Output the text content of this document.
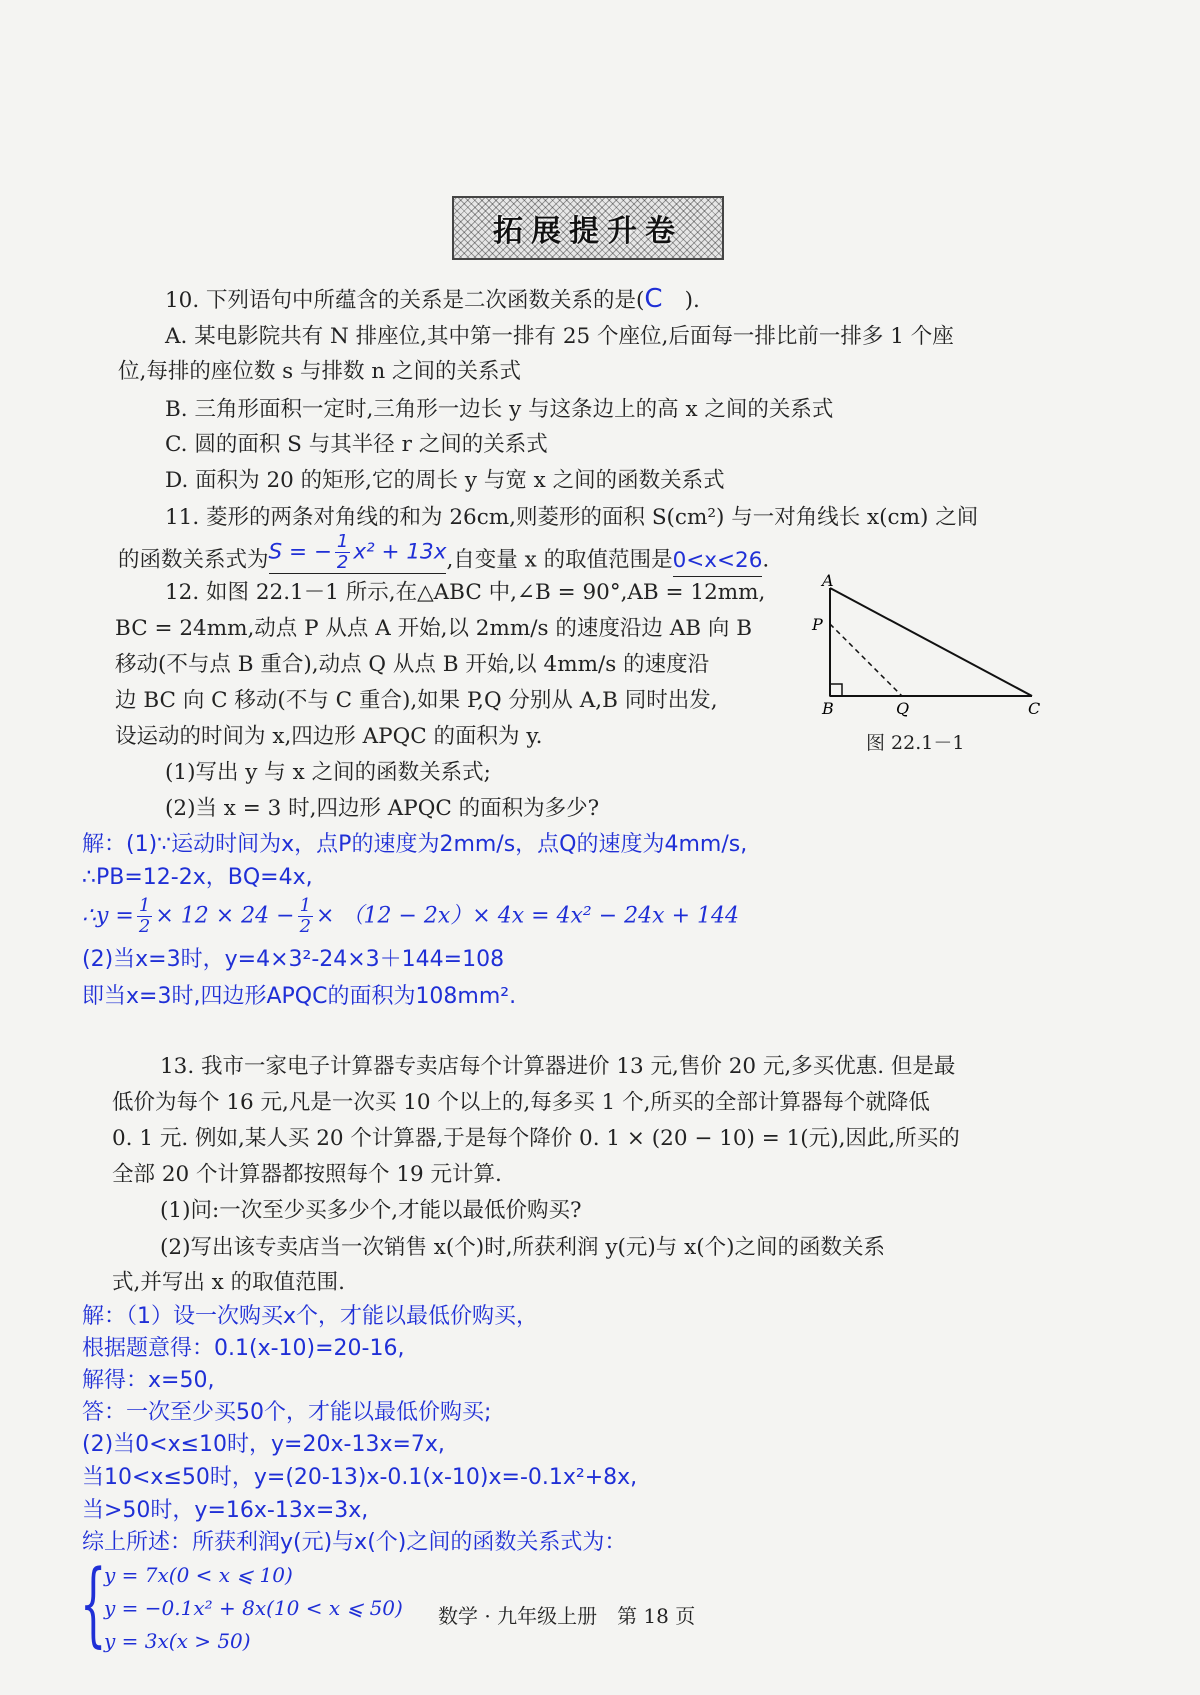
拓展提升卷
10. 下列语句中所蕴含的关系是二次函数关系的是(C ).
A. 某电影院共有 N 排座位,其中第一排有 25 个座位,后面每一排比前一排多 1 个座
位,每排的座位数 s 与排数 n 之间的关系式
B. 三角形面积一定时,三角形一边长 y 与这条边上的高 x 之间的关系式
C. 圆的面积 S 与其半径 r 之间的关系式
D. 面积为 20 的矩形,它的周长 y 与宽 x 之间的函数关系式
11. 菱形的两条对角线的和为 26cm,则菱形的面积 S(cm²) 与一对角线长 x(cm) 之间
的函数关系式为S = − $\frac{1}{2} x^2 + 13x$,自变量 x 的取值范围是0<x<26.
12. 如图 22.1－1 所示,在△ABC 中,∠B = 90°,AB = 12mm,
BC = 24mm,动点 P 从点 A 开始,以 2mm/s 的速度沿边 AB 向 B
移动(不与点 B 重合),动点 Q 从点 B 开始,以 4mm/s 的速度沿
边 BC 向 C 移动(不与 C 重合),如果 P,Q 分别从 A,B 同时出发,
设运动的时间为 x,四边形 APQC 的面积为 y.
(1)写出 y 与 x 之间的函数关系式;
(2)当 x = 3 时,四边形 APQC 的面积为多少?
A
P
B	Q	C
图 22.1－1
解：(1)∵运动时间为x，点P的速度为2mm/s，点Q的速度为4mm/s,
∴PB=12-2x，BQ=4x,
∴y = $\frac{1}{2} \times 12 \times 24 - \frac{1}{2} \times (12 - 2x)\times 4x = 4x^2 - 24x + 144$
(2)当x=3时，y=4×3²-24×3＋144=108
即当x=3时,四边形APQC的面积为108mm².
13. 我市一家电子计算器专卖店每个计算器进价 13 元,售价 20 元,多买优惠. 但是最
低价为每个 16 元,凡是一次买 10 个以上的,每多买 1 个,所买的全部计算器每个就降低
0. 1 元. 例如,某人买 20 个计算器,于是每个降价 0. 1 × (20 − 10) = 1(元),因此,所买的
全部 20 个计算器都按照每个 19 元计算.
(1)问:一次至少买多少个,才能以最低价购买?
(2)写出该专卖店当一次销售 x(个)时,所获利润 y(元)与 x(个)之间的函数关系
式,并写出 x 的取值范围.
解：（1）设一次购买x个，才能以最低价购买，
根据题意得：0.1(x-10)=20-16,
解得：x=50,
答：一次至少买50个，才能以最低价购买;
(2)当0<x≤10时，y=20x-13x=7x,
当10<x≤50时，y=(20-13)x-0.1(x-10)x=-0.1x²+8x,
当>50时，y=16x-13x=3x,
综上所述：所获利润y(元)与x(个)之间的函数关系式为：
{
y = 7x(0 < x ⩽ 10)
y = −0.1x² + 8x(10 < x ⩽ 50)
y = 3x(x > 50)
数学 · 九年级上册　第 18 页
